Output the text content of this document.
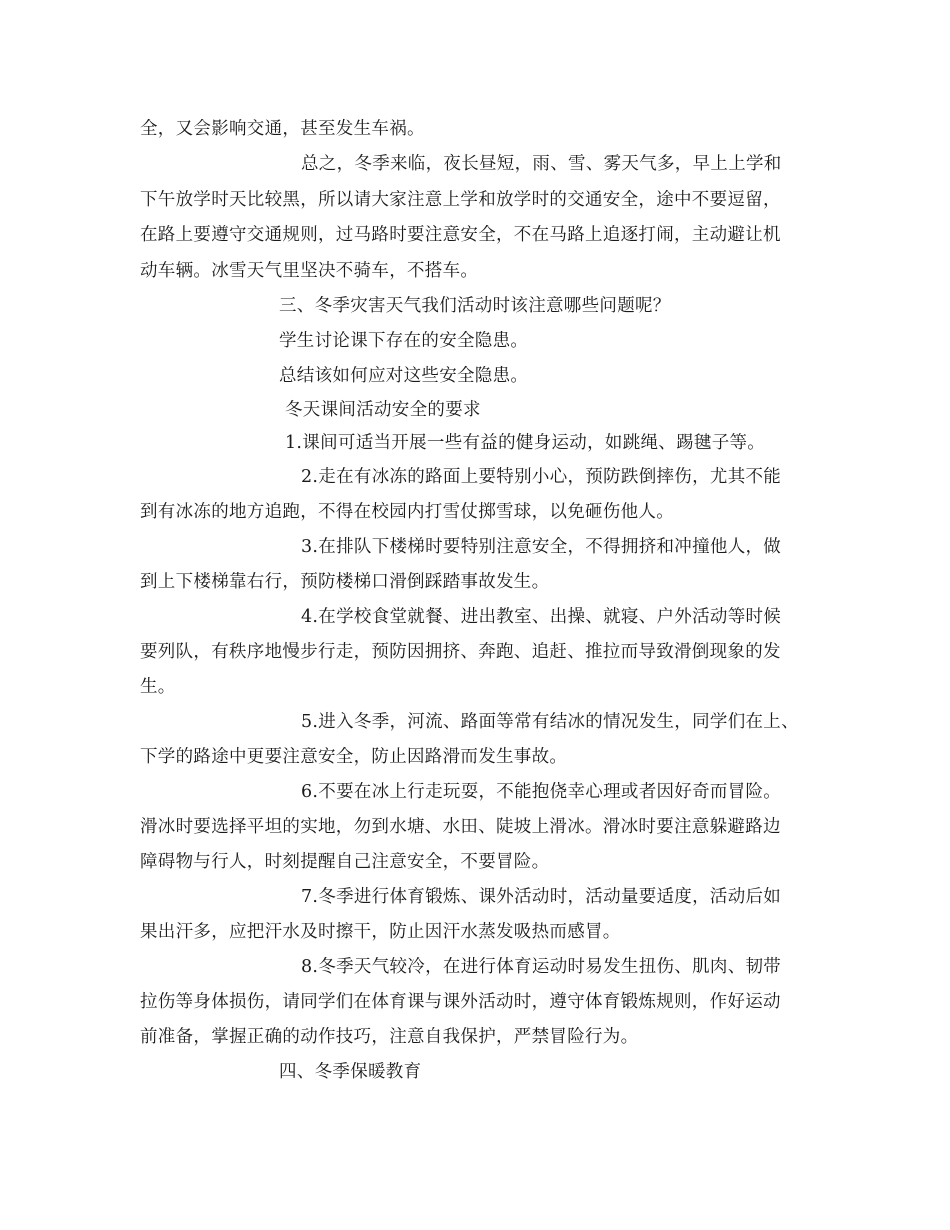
全，又会影响交通，甚至发生车祸。
总之，冬季来临，夜长昼短，雨、雪、雾天气多，早上上学和
下午放学时天比较黑，所以请大家注意上学和放学时的交通安全，途中不要逗留，
在路上要遵守交通规则，过马路时要注意安全，不在马路上追逐打闹，主动避让机
动车辆。冰雪天气里坚决不骑车，不搭车。
三、冬季灾害天气我们活动时该注意哪些问题呢？
学生讨论课下存在的安全隐患。
总结该如何应对这些安全隐患。
冬天课间活动安全的要求
1.课间可适当开展一些有益的健身运动，如跳绳、踢毽子等。
2.走在有冰冻的路面上要特别小心，预防跌倒摔伤，尤其不能
到有冰冻的地方追跑，不得在校园内打雪仗掷雪球，以免砸伤他人。
3.在排队下楼梯时要特别注意安全，不得拥挤和冲撞他人，做
到上下楼梯靠右行，预防楼梯口滑倒踩踏事故发生。
4.在学校食堂就餐、进出教室、出操、就寝、户外活动等时候
要列队，有秩序地慢步行走，预防因拥挤、奔跑、追赶、推拉而导致滑倒现象的发
生。
5.进入冬季，河流、路面等常有结冰的情况发生，同学们在上、
下学的路途中更要注意安全，防止因路滑而发生事故。
6.不要在冰上行走玩耍，不能抱侥幸心理或者因好奇而冒险。
滑冰时要选择平坦的实地，勿到水塘、水田、陡坡上滑冰。滑冰时要注意躲避路边
障碍物与行人，时刻提醒自己注意安全，不要冒险。
7.冬季进行体育锻炼、课外活动时，活动量要适度，活动后如
果出汗多，应把汗水及时擦干，防止因汗水蒸发吸热而感冒。
8.冬季天气较冷，在进行体育运动时易发生扭伤、肌肉、韧带
拉伤等身体损伤，请同学们在体育课与课外活动时，遵守体育锻炼规则，作好运动
前准备，掌握正确的动作技巧，注意自我保护，严禁冒险行为。
四、冬季保暖教育
